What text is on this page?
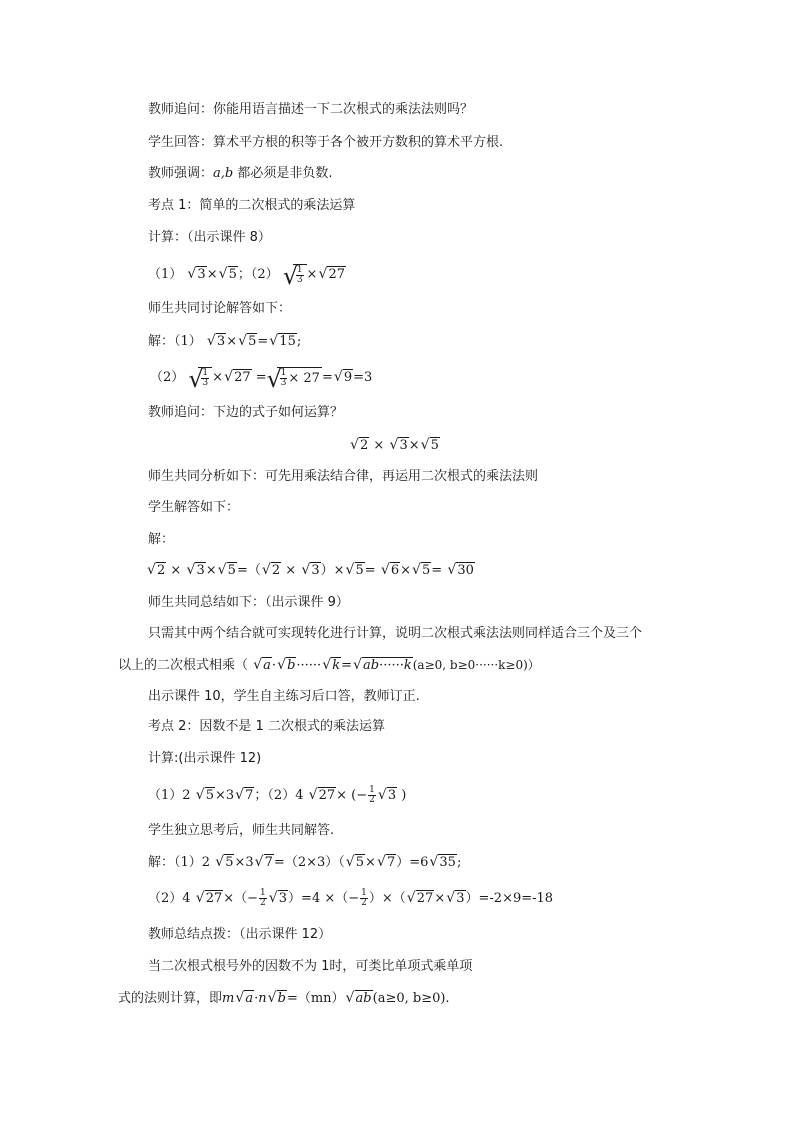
教师追问：你能用语言描述一下二次根式的乘法法则吗？
学生回答：算术平方根的积等于各个被开方数积的算术平方根.
教师强调：a,b 都必须是非负数.
考点 1：简单的二次根式的乘法运算
计算：（出示课件 8）
（1） √ 3× √ 5；（2） √
$\frac{1}{3}$ × √ 27
师生共同讨论解答如下：
解：（1） √ 3× √ 5= √ 15;
（2） √
$\frac{1}{3}$ × √ 27 = √
$\frac{1}{3} \times 27$ = √ 9=3
教师追问：下边的式子如何运算？
√ 2 × √ 3× √ 5
师生共同分析如下：可先用乘法结合律，再运用二次根式的乘法法则
学生解答如下：
解：
√ 2 × √ 3× √ 5=（ √ 2 × √ 3）× √ 5= √ 6× √ 5= √ 30
师生共同总结如下：（出示课件 9）
只需其中两个结合就可实现转化进行计算，说明二次根式乘法法则同样适合三个及三个
以上的二次根式相乘（ √ a· √ b······ √ k= √ ab······k(a≥0, b≥0······k≥0)）
出示课件 10，学生自主练习后口答，教师订正.
考点 2：因数不是 1 二次根式的乘法运算
计算:(出示课件 12)
（1）2 √ 5×3 √ 7；（2）4 √ 27× (− $\frac{1}{2}$ √ 3 )
学生独立思考后，师生共同解答.
解：（1）2 √ 5×3 √ 7=（2×3）（ √ 5× √ 7）=6 √ 35;
（2）4 √ $27\times(- \frac{1}{2}$ √ 3）=4 ×（− $\frac{1}{2}$ ）×（ √ 27× √ 3）=-2×9=-18
教师总结点拨：（出示课件 12）
当二次根式根号外的因数不为 1时，可类比单项式乘单项
式的法则计算，即m √ a·n √ b=（mn） √ ab(a≥0, b≥0).
